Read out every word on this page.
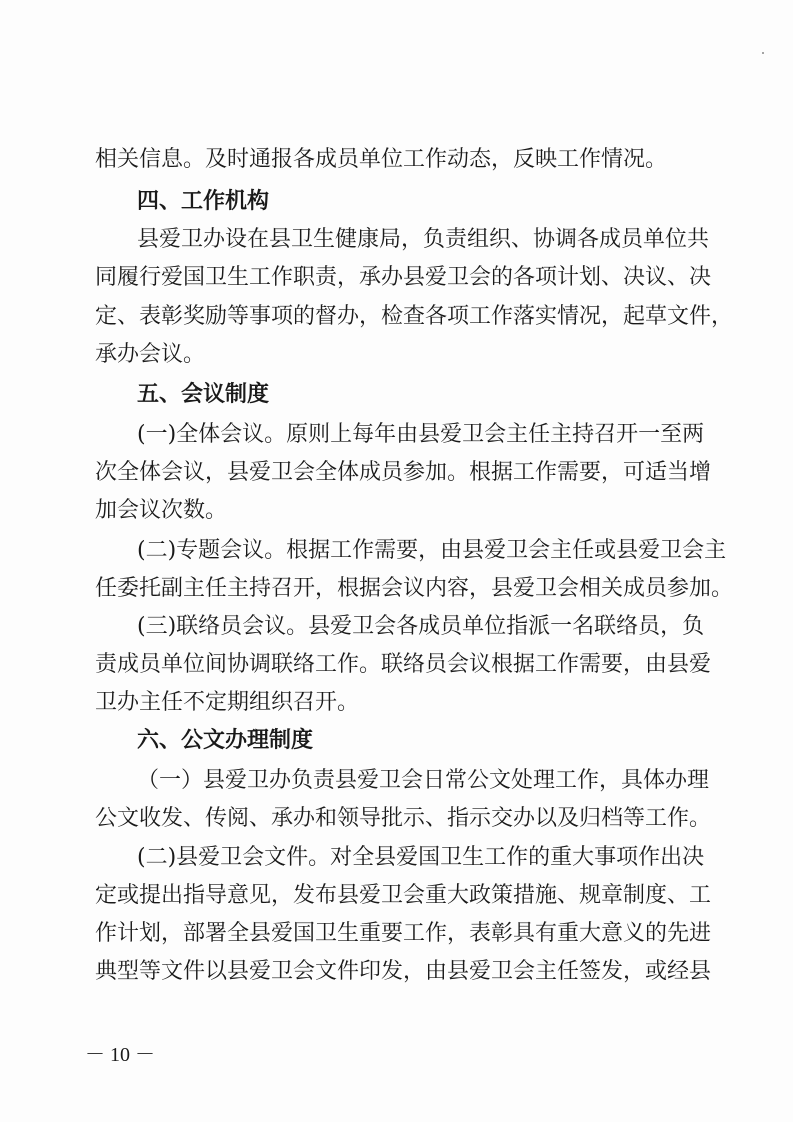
相关信息。及时通报各成员单位工作动态，反映工作情况。
四、工作机构
县爱卫办设在县卫生健康局，负责组织、协调各成员单位共
同履行爱国卫生工作职责，承办县爱卫会的各项计划、决议、决
定、表彰奖励等事项的督办，检查各项工作落实情况，起草文件，
承办会议。
五、会议制度
(一)全体会议。原则上每年由县爱卫会主任主持召开一至两
次全体会议，县爱卫会全体成员参加。根据工作需要，可适当增
加会议次数。
(二)专题会议。根据工作需要，由县爱卫会主任或县爱卫会主
任委托副主任主持召开，根据会议内容，县爱卫会相关成员参加。
(三)联络员会议。县爱卫会各成员单位指派一名联络员，负
责成员单位间协调联络工作。联络员会议根据工作需要，由县爱
卫办主任不定期组织召开。
六、公文办理制度
（一）县爱卫办负责县爱卫会日常公文处理工作，具体办理
公文收发、传阅、承办和领导批示、指示交办以及归档等工作。
(二)县爱卫会文件。对全县爱国卫生工作的重大事项作出决
定或提出指导意见，发布县爱卫会重大政策措施、规章制度、工
作计划，部署全县爱国卫生重要工作，表彰具有重大意义的先进
典型等文件以县爱卫会文件印发，由县爱卫会主任签发，或经县
－ 10 －
